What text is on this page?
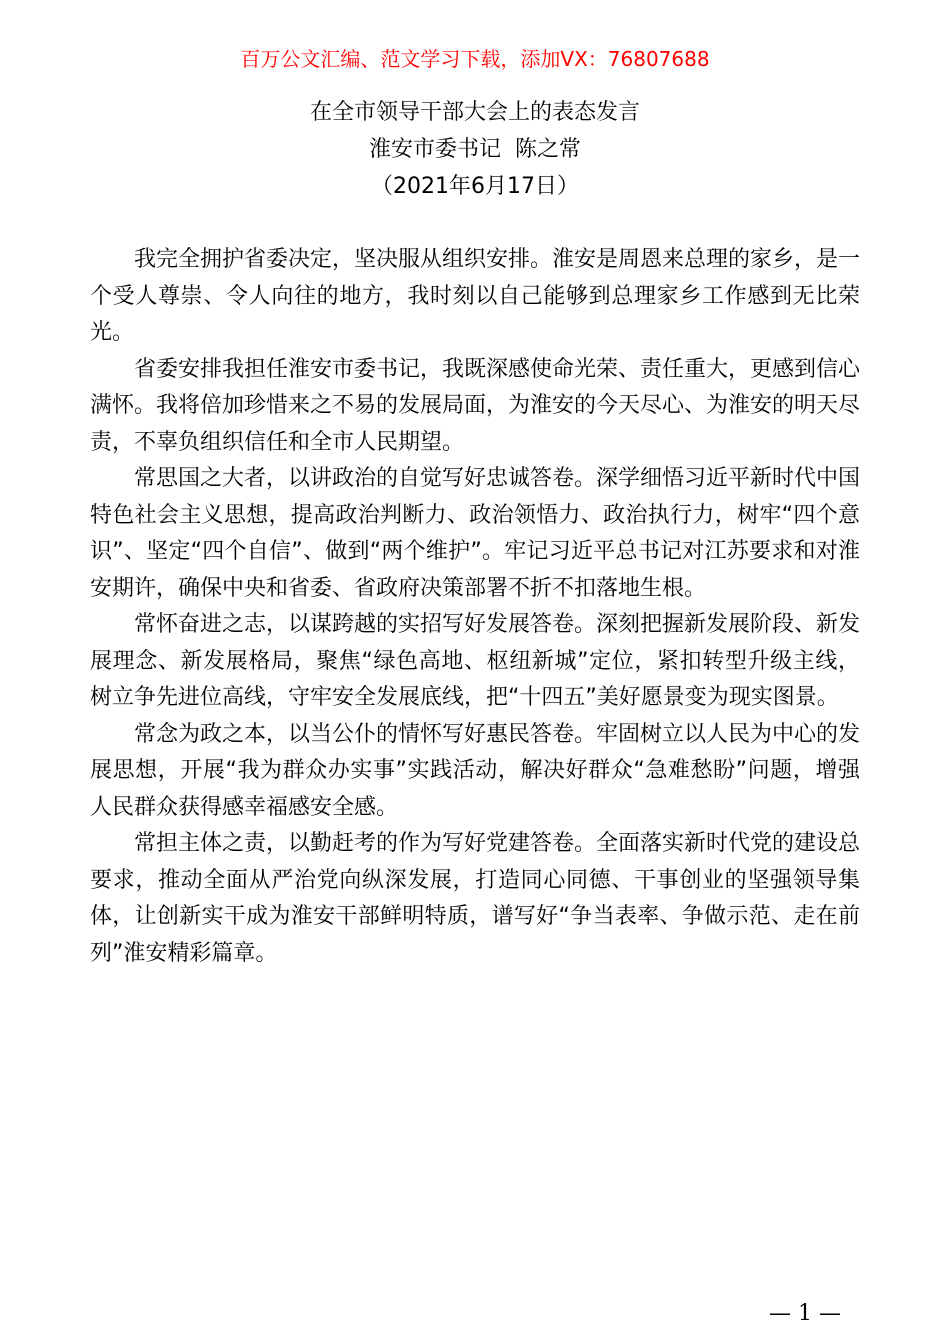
百万公文汇编、范文学习下载，添加VX：76807688
在全市领导干部大会上的表态发言
淮安市委书记  陈之常
（2021年6月17日）

我完全拥护省委决定，坚决服从组织安排。淮安是周恩来总理的家乡，是一个受人尊崇、令人向往的地方，我时刻以自己能够到总理家乡工作感到无比荣光。

省委安排我担任淮安市委书记，我既深感使命光荣、责任重大，更感到信心满怀。我将倍加珍惜来之不易的发展局面，为淮安的今天尽心、为淮安的明天尽责，不辜负组织信任和全市人民期望。

常思国之大者，以讲政治的自觉写好忠诚答卷。深学细悟习近平新时代中国特色社会主义思想，提高政治判断力、政治领悟力、政治执行力，树牢“四个意识”、坚定“四个自信”、做到“两个维护”。牢记习近平总书记对江苏要求和对淮安期许，确保中央和省委、省政府决策部署不折不扣落地生根。

常怀奋进之志，以谋跨越的实招写好发展答卷。深刻把握新发展阶段、新发展理念、新发展格局，聚焦“绿色高地、枢纽新城”定位，紧扣转型升级主线，树立争先进位高线，守牢安全发展底线，把“十四五”美好愿景变为现实图景。

常念为政之本，以当公仆的情怀写好惠民答卷。牢固树立以人民为中心的发展思想，开展“我为群众办实事”实践活动，解决好群众“急难愁盼”问题，增强人民群众获得感幸福感安全感。

常担主体之责，以勤赶考的作为写好党建答卷。全面落实新时代党的建设总要求，推动全面从严治党向纵深发展，打造同心同德、干事创业的坚强领导集体，让创新实干成为淮安干部鲜明特质，谱写好“争当表率、争做示范、走在前列”淮安精彩篇章。

— 1 —
